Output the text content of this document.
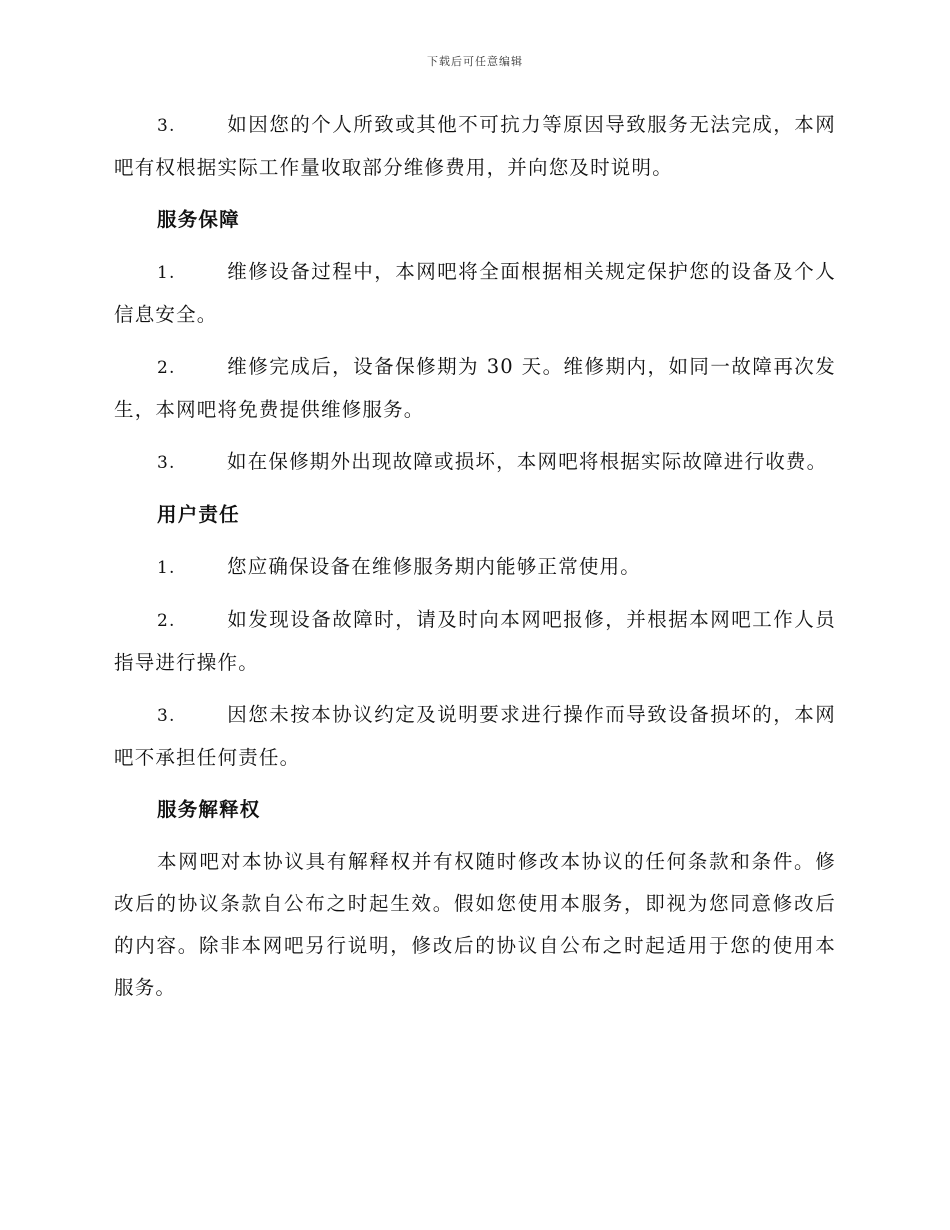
下载后可任意编辑
3.	如因您的个人所致或其他不可抗力等原因导致服务无法完成，本网吧有权根据实际工作量收取部分维修费用，并向您及时说明。
服务保障
1.	维修设备过程中，本网吧将全面根据相关规定保护您的设备及个人信息安全。
2.	维修完成后，设备保修期为 30 天。维修期内，如同一故障再次发生，本网吧将免费提供维修服务。
3.	如在保修期外出现故障或损坏，本网吧将根据实际故障进行收费。
用户责任
1.	您应确保设备在维修服务期内能够正常使用。
2.	如发现设备故障时，请及时向本网吧报修，并根据本网吧工作人员指导进行操作。
3.	因您未按本协议约定及说明要求进行操作而导致设备损坏的，本网吧不承担任何责任。
服务解释权

本网吧对本协议具有解释权并有权随时修改本协议的任何条款和条件。修改后的协议条款自公布之时起生效。假如您使用本服务，即视为您同意修改后的内容。除非本网吧另行说明，修改后的协议自公布之时起适用于您的使用本服务。
